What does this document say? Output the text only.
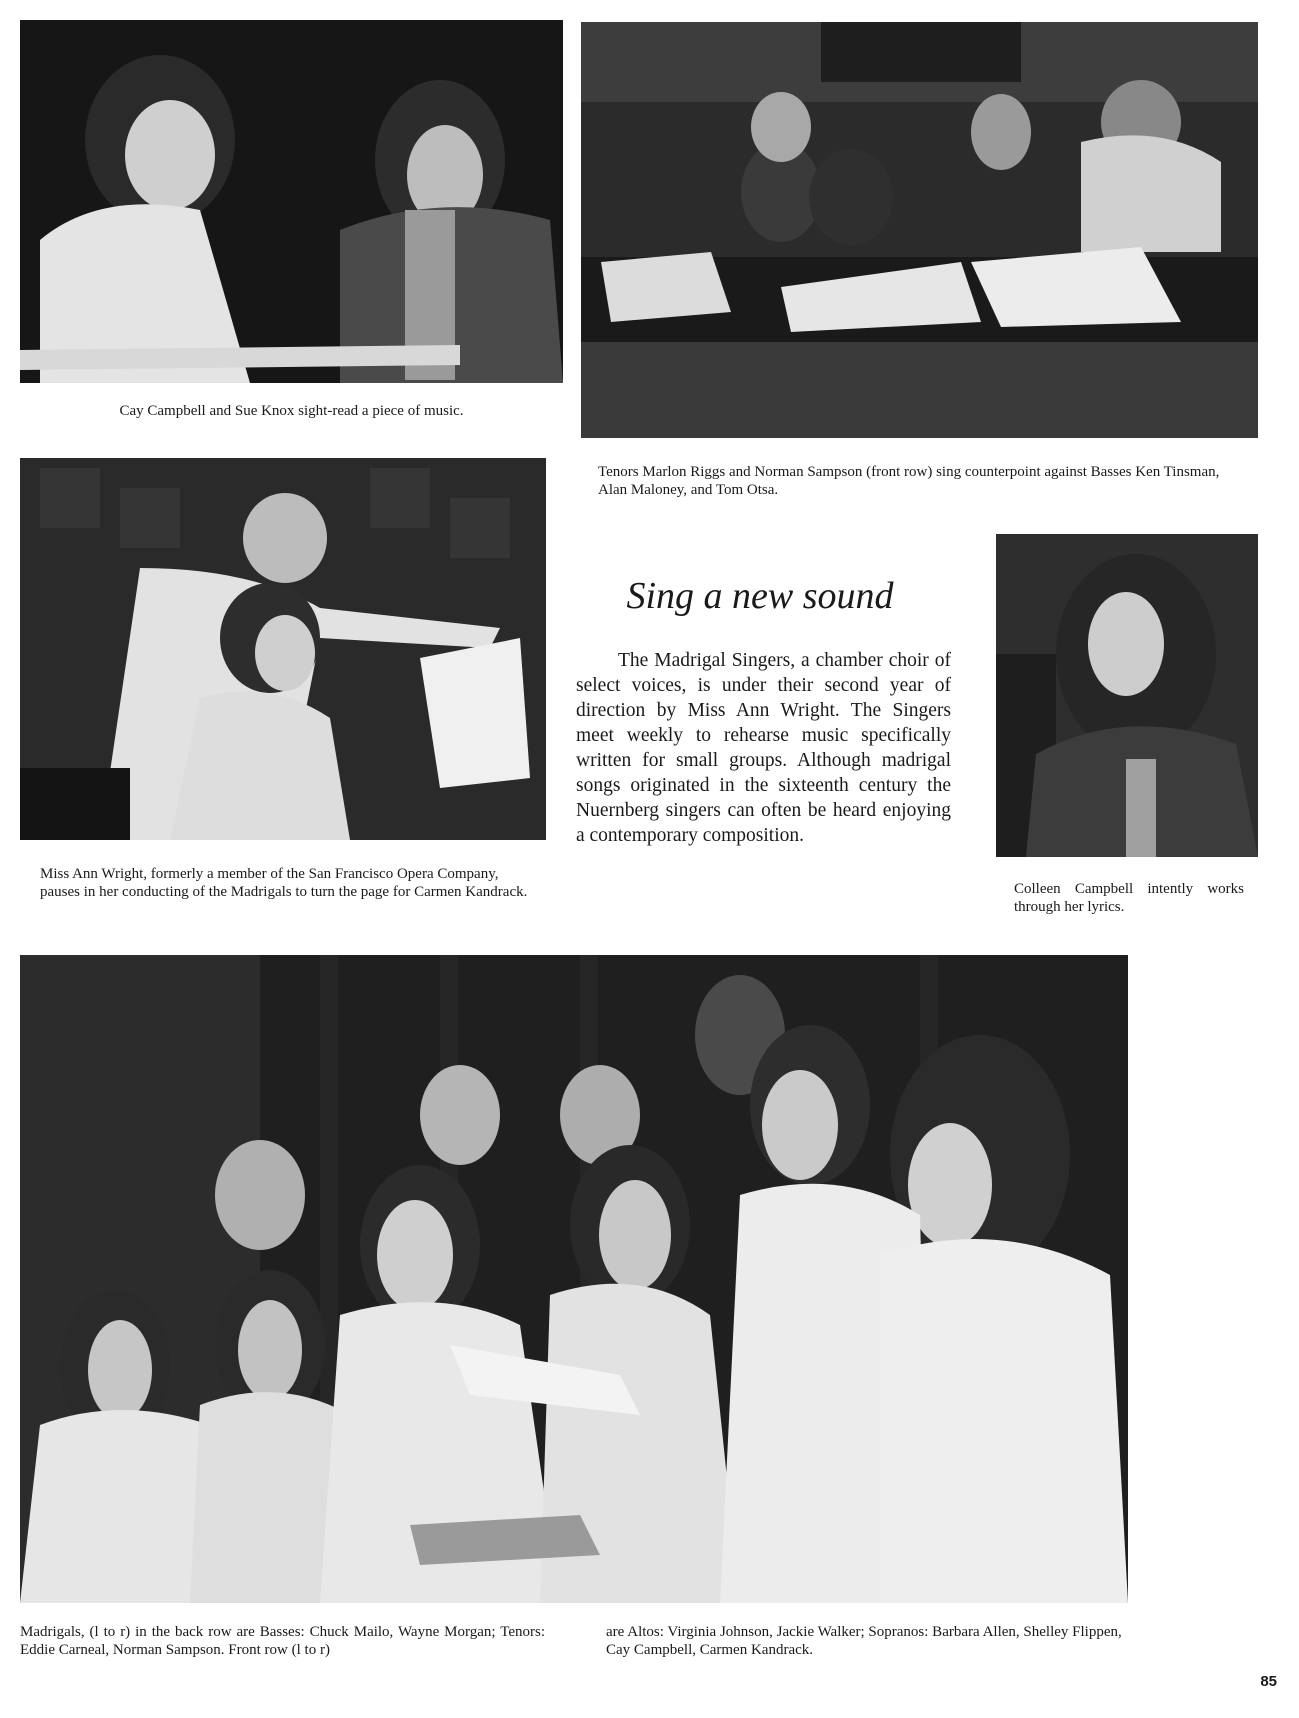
Cay Campbell and Sue Knox sight-read a piece of music.

Tenors Marlon Riggs and Norman Sampson (front row) sing counterpoint against Basses Ken Tinsman, Alan Maloney, and Tom Otsa.

Miss Ann Wright, formerly a member of the San Francisco Opera Company, pauses in her conducting of the Madrigals to turn the page for Carmen Kandrack.

Sing a new sound

The Madrigal Singers, a chamber choir of select voices, is under their second year of direction by Miss Ann Wright. The Singers meet weekly to rehearse music specifically written for small groups. Although madrigal songs originated in the sixteenth century the Nuernberg singers can often be heard enjoying a contemporary composition.

Colleen Campbell intently works through her lyrics.

Madrigals, (l to r) in the back row are Basses: Chuck Mailo, Wayne Morgan; Tenors: Eddie Carneal, Norman Sampson. Front row (l to r)

are Altos: Virginia Johnson, Jackie Walker; Sopranos: Barbara Allen, Shelley Flippen, Cay Campbell, Carmen Kandrack.

85
